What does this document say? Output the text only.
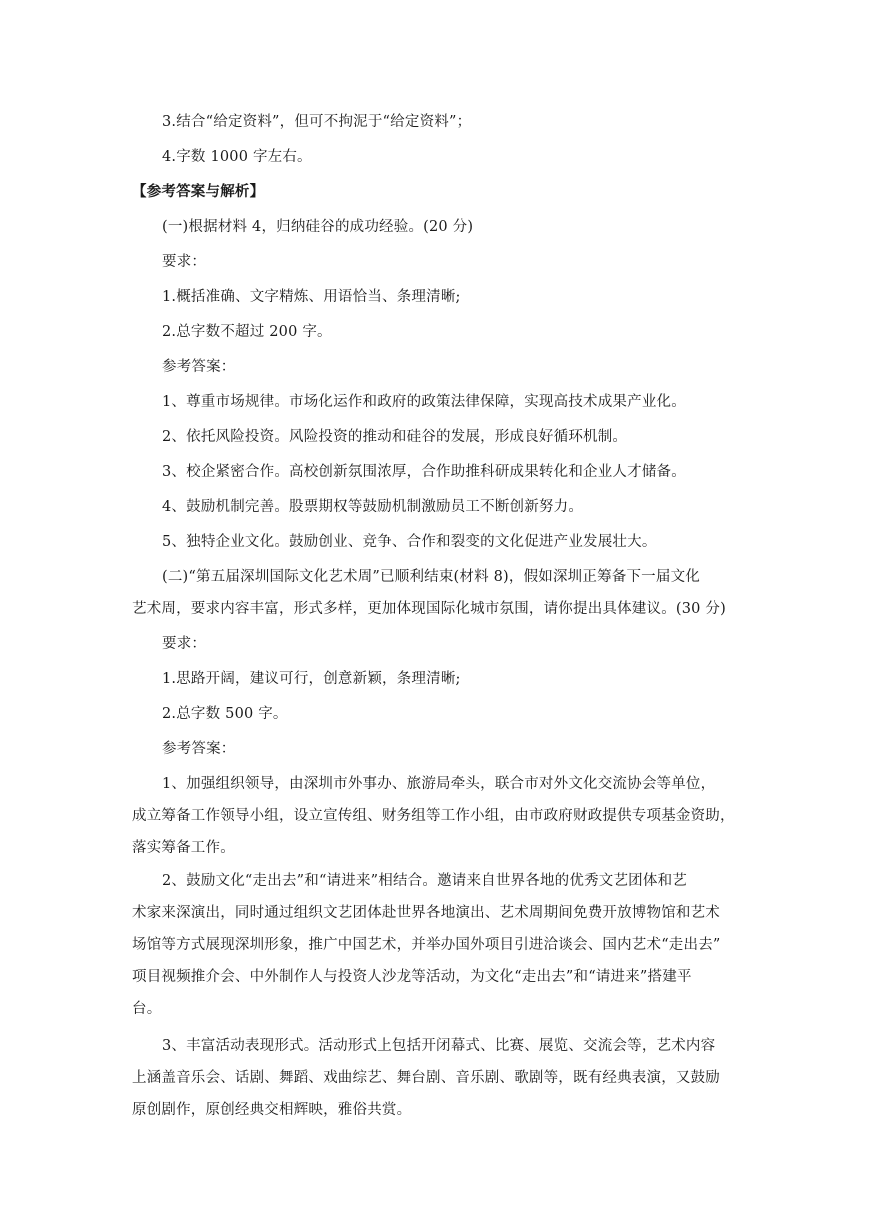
3.结合“给定资料”，但可不拘泥于“给定资料”；
4.字数 1000 字左右。
【参考答案与解析】
(一)根据材料 4，归纳硅谷的成功经验。(20 分)
要求：
1.概括准确、文字精炼、用语恰当、条理清晰;
2.总字数不超过 200 字。
参考答案：
1、尊重市场规律。市场化运作和政府的政策法律保障，实现高技术成果产业化。
2、依托风险投资。风险投资的推动和硅谷的发展，形成良好循环机制。
3、校企紧密合作。高校创新氛围浓厚，合作助推科研成果转化和企业人才储备。
4、鼓励机制完善。股票期权等鼓励机制激励员工不断创新努力。
5、独特企业文化。鼓励创业、竞争、合作和裂变的文化促进产业发展壮大。
(二)“第五届深圳国际文化艺术周”已顺利结束(材料 8)，假如深圳正筹备下一届文化
艺术周，要求内容丰富，形式多样，更加体现国际化城市氛围，请你提出具体建议。(30 分)
要求：
1.思路开阔，建议可行，创意新颖，条理清晰;
2.总字数 500 字。
参考答案：
1、加强组织领导，由深圳市外事办、旅游局牵头，联合市对外文化交流协会等单位，
成立筹备工作领导小组，设立宣传组、财务组等工作小组，由市政府财政提供专项基金资助，
落实筹备工作。
2、鼓励文化“走出去”和“请进来”相结合。邀请来自世界各地的优秀文艺团体和艺
术家来深演出，同时通过组织文艺团体赴世界各地演出、艺术周期间免费开放博物馆和艺术
场馆等方式展现深圳形象，推广中国艺术，并举办国外项目引进洽谈会、国内艺术“走出去”
项目视频推介会、中外制作人与投资人沙龙等活动，为文化“走出去”和“请进来”搭建平
台。
3、丰富活动表现形式。活动形式上包括开闭幕式、比赛、展览、交流会等，艺术内容
上涵盖音乐会、话剧、舞蹈、戏曲综艺、舞台剧、音乐剧、歌剧等，既有经典表演，又鼓励
原创剧作，原创经典交相辉映，雅俗共赏。
